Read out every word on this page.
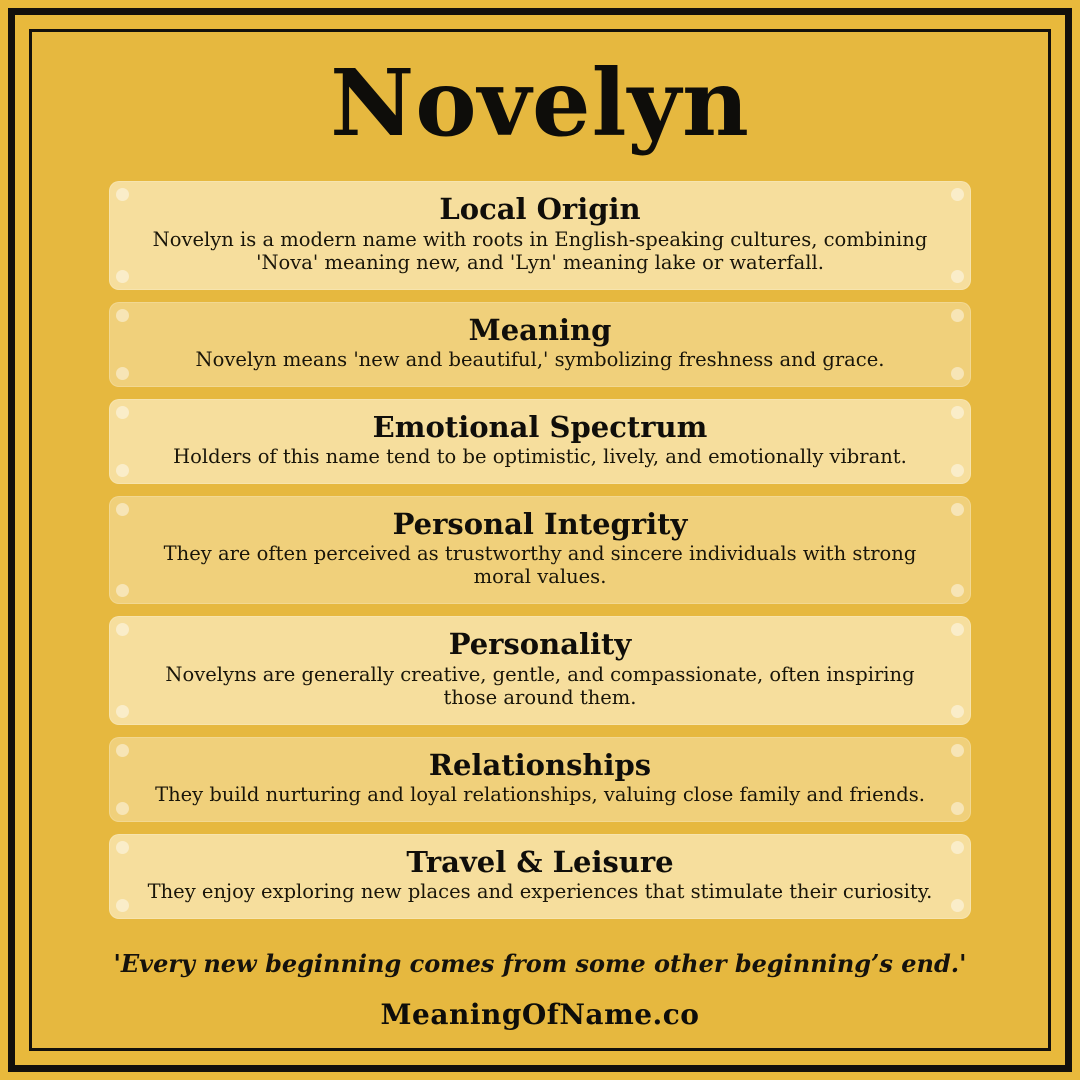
Novelyn
Local Origin
Novelyn is a modern name with roots in English-speaking cultures, combining 'Nova' meaning new, and 'Lyn' meaning lake or waterfall.
Meaning
Novelyn means 'new and beautiful,' symbolizing freshness and grace.
Emotional Spectrum
Holders of this name tend to be optimistic, lively, and emotionally vibrant.
Personal Integrity
They are often perceived as trustworthy and sincere individuals with strong moral values.
Personality
Novelyns are generally creative, gentle, and compassionate, often inspiring those around them.
Relationships
They build nurturing and loyal relationships, valuing close family and friends.
Travel & Leisure
They enjoy exploring new places and experiences that stimulate their curiosity.
'Every new beginning comes from some other beginning’s end.'
MeaningOfName.co
